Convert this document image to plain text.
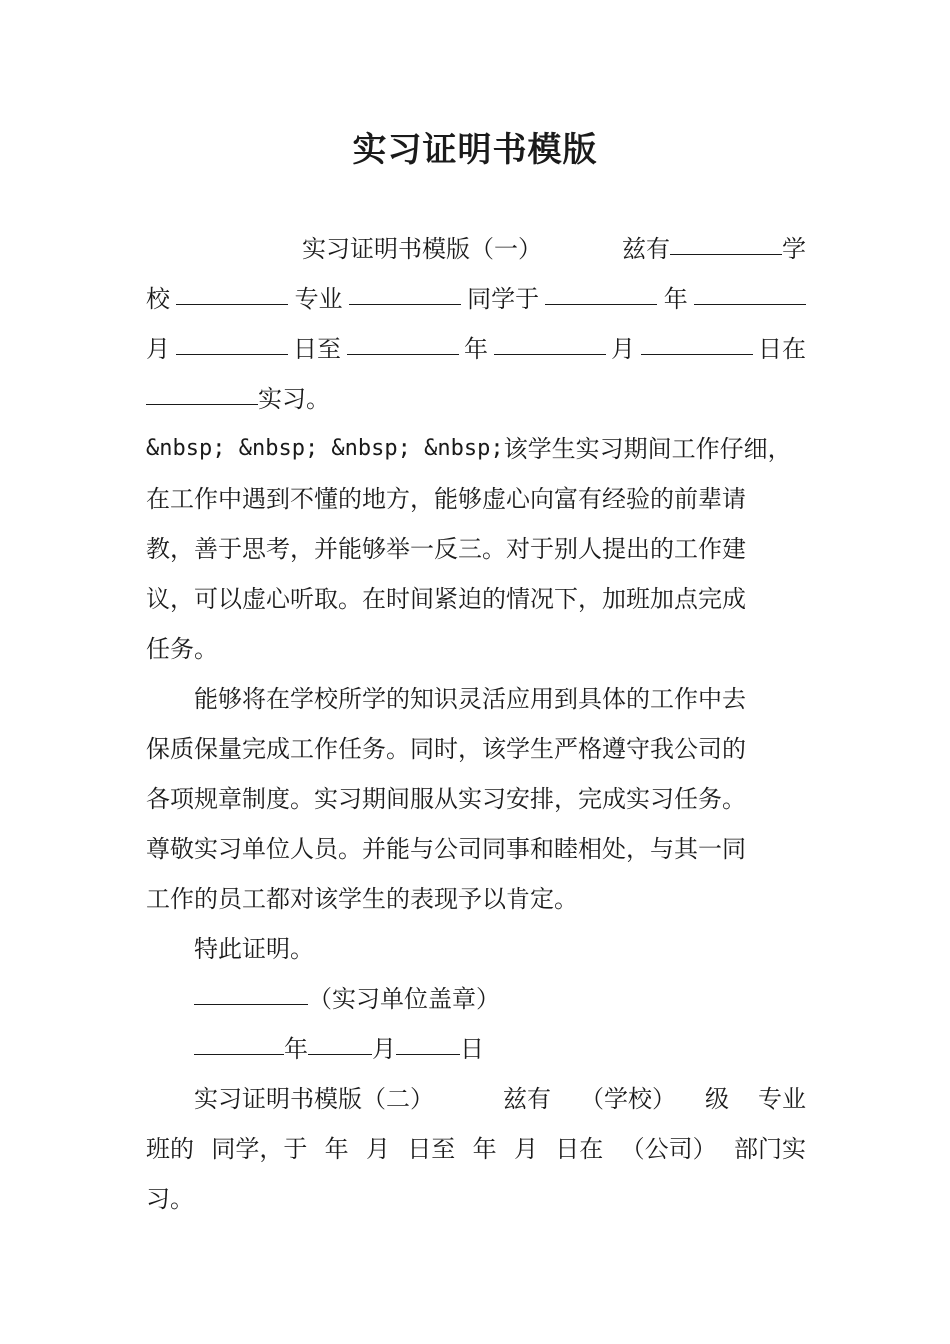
实习证明书模版
实习证明书模版（一）	兹有	学
校	专业	同学于	年
月	日至	年	月	日在
实习。
&nbsp; &nbsp; &nbsp; &nbsp; 该学生实习期间工作仔细，
在工作中遇到不懂的地方，能够虚心向富有经验的前辈请
教，善于思考，并能够举一反三。对于别人提出的工作建
议，可以虚心听取。在时间紧迫的情况下，加班加点完成
任务。
能够将在学校所学的知识灵活应用到具体的工作中去
保质保量完成工作任务。同时，该学生严格遵守我公司的
各项规章制度。实习期间服从实习安排，完成实习任务。
尊敬实习单位人员。并能与公司同事和睦相处，与其一同
工作的员工都对该学生的表现予以肯定。
特此证明。
（实习单位盖章）
年	月	日
实习证明书模版（二）	兹有 （学校） 级 专业
班的 同学，于 年 月 日至 年 月 日在 （公司） 部门实
习。
